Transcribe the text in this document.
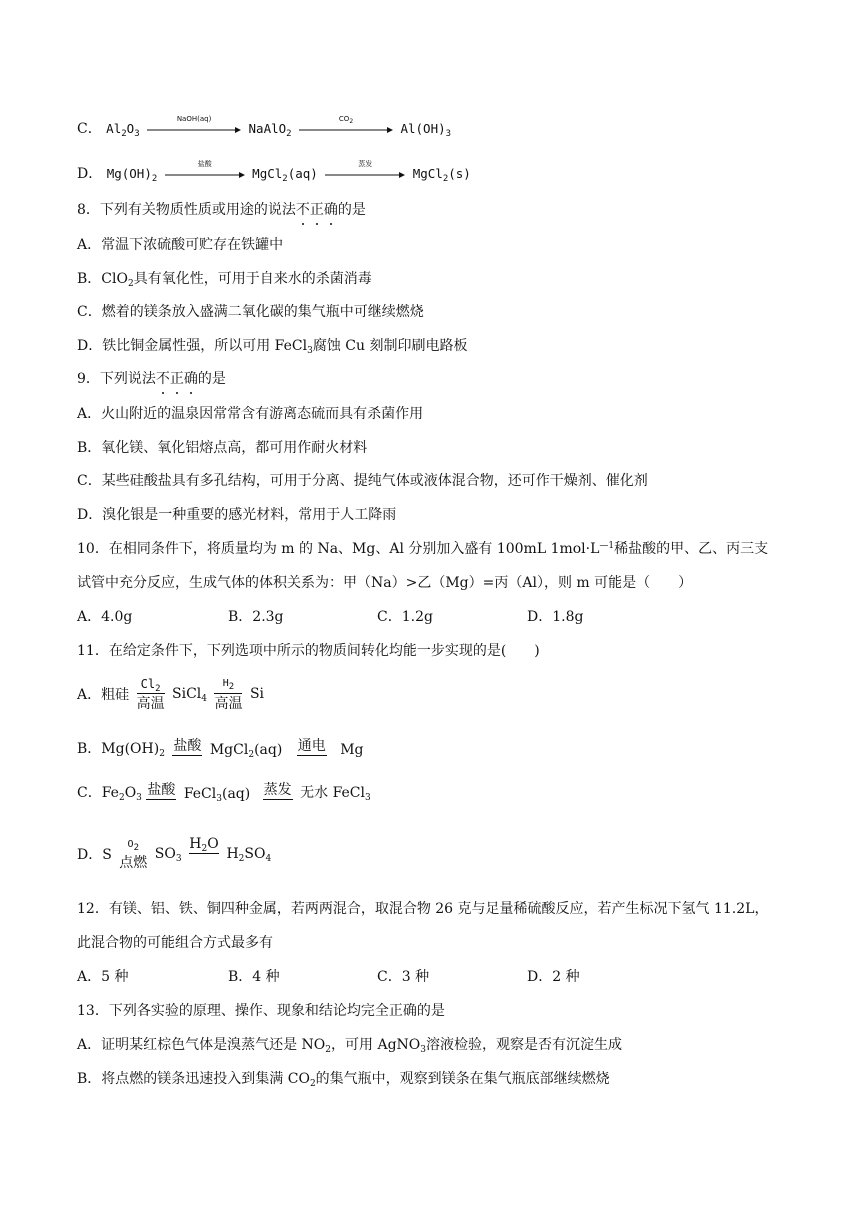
C． $Al_2O_3$
NaOH(aq)
NaAlO$_2$
$CO_2$	$Al(OH)_3$
D． $Mg(OH)_2$
盐酸
MgCl$_2$(aq)
蒸发
MgCl$_2$(s)
8．下列有关物质性质或用途的说法不正确的是
A．常温下浓硫酸可贮存在铁罐中
B．ClO$_2$具有氧化性，可用于自来水的杀菌消毒
C．燃着的镁条放入盛满二氧化碳的集气瓶中可继续燃烧
D．铁比铜金属性强，所以可用 FeCl$_3$腐蚀 Cu 刻制印刷电路板
9．下列说法不正确的是
A．火山附近的温泉因常常含有游离态硫而具有杀菌作用
B．氧化镁、氧化铝熔点高，都可用作耐火材料
C．某些硅酸盐具有多孔结构，可用于分离、提纯气体或液体混合物，还可作干燥剂、催化剂
D．溴化银是一种重要的感光材料，常用于人工降雨
10．在相同条件下，将质量均为 m 的 Na、Mg、Al 分别加入盛有 100mL $1mol\cdot L^{—1}$稀盐酸的甲、乙、丙三支
试管中充分反应，生成气体的体积关系为：甲（Na）>乙（Mg）=丙（Al），则 m 可能是（　　）
A．4.0g	B．2.3g	C．1.2g	D．1.8g
11．在给定条件下，下列选项中所示的物质间转化均能一步实现的是(　　)
A．粗硅
$Cl_2$
高温
SiCl$_4$
$H_2$
高温
Si
B．$Mg(OH)_2$ 盐酸 MgCl$_2$(aq) 通电 Mg
C．$Fe_2O_3$ 盐酸 FeCl$_3$(aq) 蒸发 无水 FeCl$_3$
D．S
$O_2$
点燃
$SO_3$
$H_2O$
$H_2SO_4$
12．有镁、铝、铁、铜四种金属，若两两混合，取混合物 26 克与足量稀硫酸反应，若产生标况下氢气 11.2L，
此混合物的可能组合方式最多有
A．5 种	B．4 种	C．3 种	D．2 种
13．下列各实验的原理、操作、现象和结论均完全正确的是
A．证明某红棕色气体是溴蒸气还是 $NO_2$，可用 AgNO$_3$溶液检验，观察是否有沉淀生成
B．将点燃的镁条迅速投入到集满 $CO_2$的集气瓶中，观察到镁条在集气瓶底部继续燃烧
